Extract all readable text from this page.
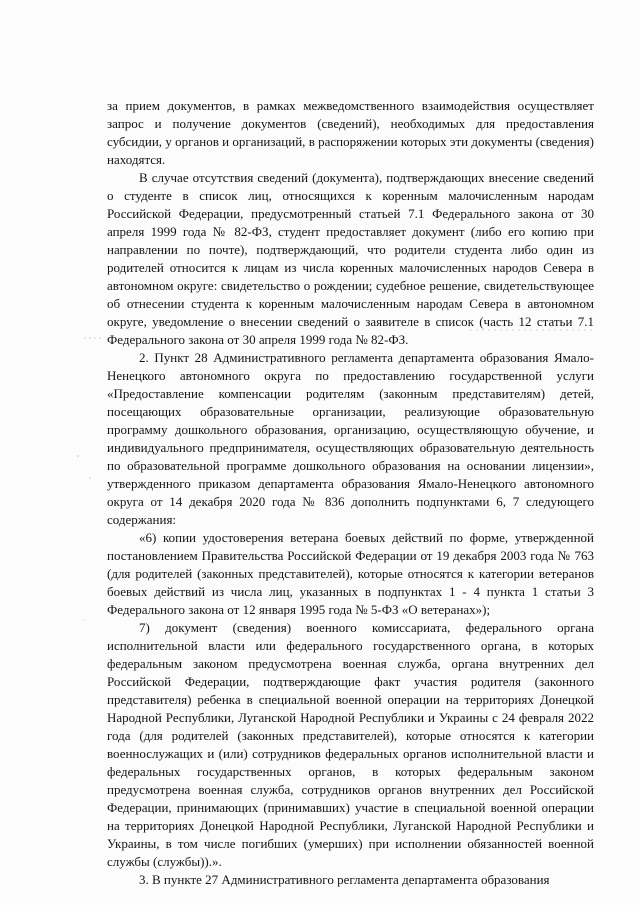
за прием документов, в рамках межведомственного взаимодействия осуществляет запрос и получение документов (сведений), необходимых для предоставления субсидии, у органов и организаций, в распоряжении которых эти документы (сведения) находятся.

В случае отсутствия сведений (документа), подтверждающих внесение сведений о студенте в список лиц, относящихся к коренным малочисленным народам Российской Федерации, предусмотренный статьей 7.1 Федерального закона от 30 апреля 1999 года № 82-ФЗ, студент предоставляет документ (либо его копию при направлении по почте), подтверждающий, что родители студента либо один из родителей относится к лицам из числа коренных малочисленных народов Севера в автономном округе: свидетельство о рождении; судебное решение, свидетельствующее об отнесении студента к коренным малочисленным народам Севера в автономном округе, уведомление о внесении сведений о заявителе в список (часть 12 статьи 7.1 Федерального закона от 30 апреля 1999 года № 82-ФЗ.

2. Пункт 28 Административного регламента департамента образования Ямало-Ненецкого автономного округа по предоставлению государственной услуги «Предоставление компенсации родителям (законным представителям) детей, посещающих образовательные организации, реализующие образовательную программу дошкольного образования, организацию, осуществляющую обучение, и индивидуального предпринимателя, осуществляющих образовательную деятельность по образовательной программе дошкольного образования на основании лицензии», утвержденного приказом департамента образования Ямало-Ненецкого автономного округа от 14 декабря 2020 года № 836 дополнить подпунктами 6, 7 следующего содержания:

«6) копии удостоверения ветерана боевых действий по форме, утвержденной постановлением Правительства Российской Федерации от 19 декабря 2003 года № 763 (для родителей (законных представителей), которые относятся к категории ветеранов боевых действий из числа лиц, указанных в подпунктах 1 - 4 пункта 1 статьи 3 Федерального закона от 12 января 1995 года № 5-ФЗ «О ветеранах»);

7) документ (сведения) военного комиссариата, федерального органа исполнительной власти или федерального государственного органа, в которых федеральным законом предусмотрена военная служба, органа внутренних дел Российской Федерации, подтверждающие факт участия родителя (законного представителя) ребенка в специальной военной операции на территориях Донецкой Народной Республики, Луганской Народной Республики и Украины с 24 февраля 2022 года (для родителей (законных представителей), которые относятся к категории военнослужащих и (или) сотрудников федеральных органов исполнительной власти и федеральных государственных органов, в которых федеральным законом предусмотрена военная служба, сотрудников органов внутренних дел Российской Федерации, принимающих (принимавших) участие в специальной военной операции на территориях Донецкой Народной Республики, Луганской Народной Республики и Украины, в том числе погибших (умерших) при исполнении обязанностей военной службы (службы)).».

3. В пункте 27 Административного регламента департамента образования
